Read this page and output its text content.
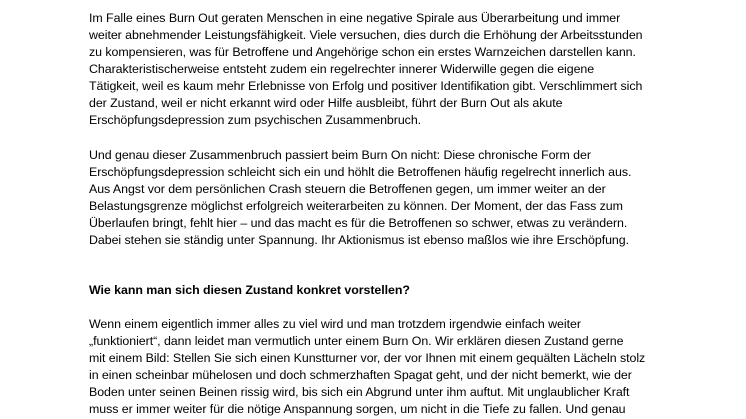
Im Falle eines Burn Out geraten Menschen in eine negative Spirale aus Überarbeitung und immer
weiter abnehmender Leistungsfähigkeit. Viele versuchen, dies durch die Erhöhung der Arbeitsstunden
zu kompensieren, was für Betroffene und Angehörige schon ein erstes Warnzeichen darstellen kann.
Charakteristischerweise entsteht zudem ein regelrechter innerer Widerwille gegen die eigene
Tätigkeit, weil es kaum mehr Erlebnisse von Erfolg und positiver Identifikation gibt. Verschlimmert sich
der Zustand, weil er nicht erkannt wird oder Hilfe ausbleibt, führt der Burn Out als akute
Erschöpfungsdepression zum psychischen Zusammenbruch.
Und genau dieser Zusammenbruch passiert beim Burn On nicht: Diese chronische Form der
Erschöpfungsdepression schleicht sich ein und höhlt die Betroffenen häufig regelrecht innerlich aus.
Aus Angst vor dem persönlichen Crash steuern die Betroffenen gegen, um immer weiter an der
Belastungsgrenze möglichst erfolgreich weiterarbeiten zu können. Der Moment, der das Fass zum
Überlaufen bringt, fehlt hier – und das macht es für die Betroffenen so schwer, etwas zu verändern.
Dabei stehen sie ständig unter Spannung. Ihr Aktionismus ist ebenso maßlos wie ihre Erschöpfung.
Wie kann man sich diesen Zustand konkret vorstellen?
Wenn einem eigentlich immer alles zu viel wird und man trotzdem irgendwie einfach weiter
„funktioniert“, dann leidet man vermutlich unter einem Burn On. Wir erklären diesen Zustand gerne
mit einem Bild: Stellen Sie sich einen Kunstturner vor, der vor Ihnen mit einem gequälten Lächeln stolz
in einen scheinbar mühelosen und doch schmerzhaften Spagat geht, und der nicht bemerkt, wie der
Boden unter seinen Beinen rissig wird, bis sich ein Abgrund unter ihm auftut. Mit unglaublicher Kraft
muss er immer weiter für die nötige Anspannung sorgen, um nicht in die Tiefe zu fallen. Und genau
